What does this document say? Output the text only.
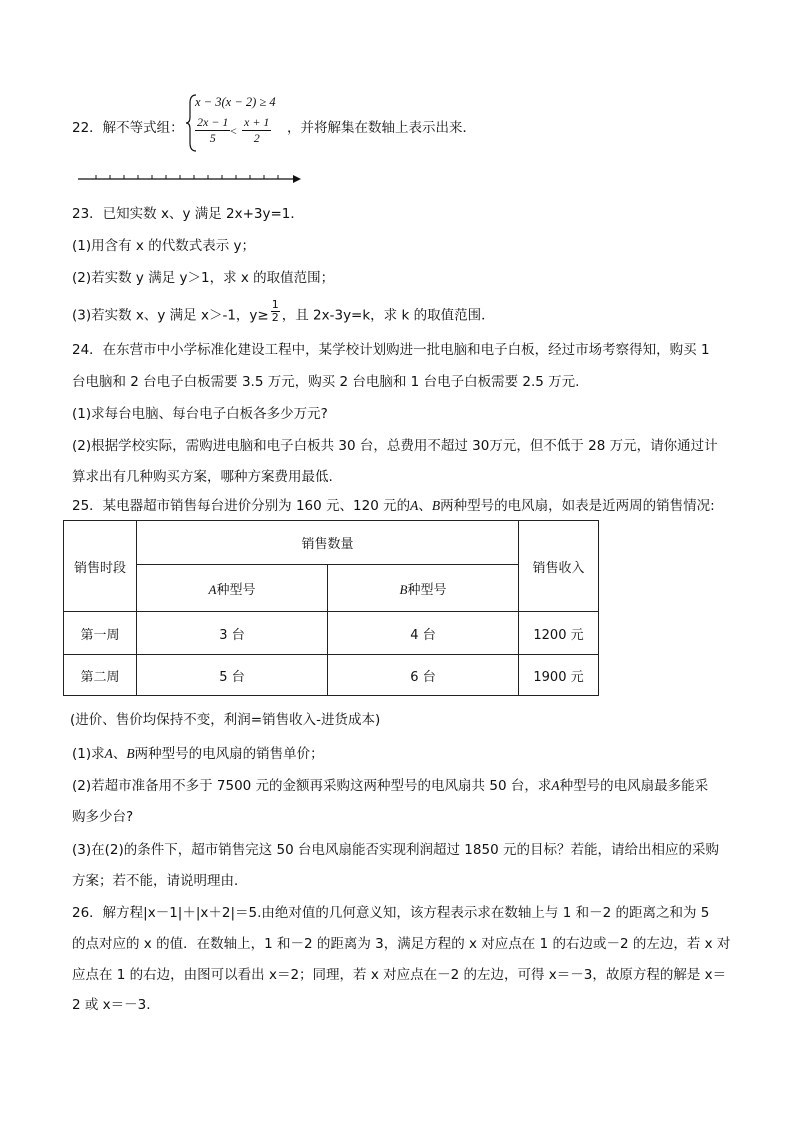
22．解不等式组：
x − 3(x − 2) ≥ 4
$\frac{2x - 1}{5} < \frac{x + 1}{2}$ ，并将解集在数轴上表示出来．
23．已知实数 x、y 满足 2x+3y=1．
(1)用含有 x 的代数式表示 y；
(2)若实数 y 满足 y＞1，求 x 的取值范围；
(3)若实数 x、y 满足 x＞-1，$y\ge \frac{1}{2}$ ，且 2x-3y=k，求 k 的取值范围．
24．在东营市中小学标准化建设工程中，某学校计划购进一批电脑和电子白板，经过市场考察得知，购买 1
台电脑和 2 台电子白板需要 3.5 万元，购买 2 台电脑和 1 台电子白板需要 2.5 万元.
(1)求每台电脑、每台电子白板各多少万元?
(2)根据学校实际，需购进电脑和电子白板共 30 台，总费用不超过 30万元，但不低于 28 万元，请你通过计
算求出有几种购买方案，哪种方案费用最低.
25．某电器超市销售每台进价分别为 160 元、120 元的A、B两种型号的电风扇，如表是近两周的销售情况:
销售时段	销售数量		销售收入
	A种型号	B种型号	
第一周	3 台	4 台	1200 元
第二周	5 台	6 台	1900 元
(进价、售价均保持不变，利润=销售收入-进货成本)
(1)求A、B两种型号的电风扇的销售单价；
(2)若超市准备用不多于 7500 元的金额再采购这两种型号的电风扇共 50 台，求A种型号的电风扇最多能采
购多少台?
(3)在(2)的条件下，超市销售完这 50 台电风扇能否实现利润超过 1850 元的目标？若能，请给出相应的采购
方案；若不能，请说明理由．
26．解方程|x－1|＋|x＋2|＝5.由绝对值的几何意义知，该方程表示求在数轴上与 1 和－2 的距离之和为 5
的点对应的 x 的值．在数轴上，1 和－2 的距离为 3，满足方程的 x 对应点在 1 的右边或－2 的左边，若 x 对
应点在 1 的右边，由图可以看出 x＝2；同理，若 x 对应点在－2 的左边，可得 x＝－3，故原方程的解是 x＝
2 或 x＝－3.
